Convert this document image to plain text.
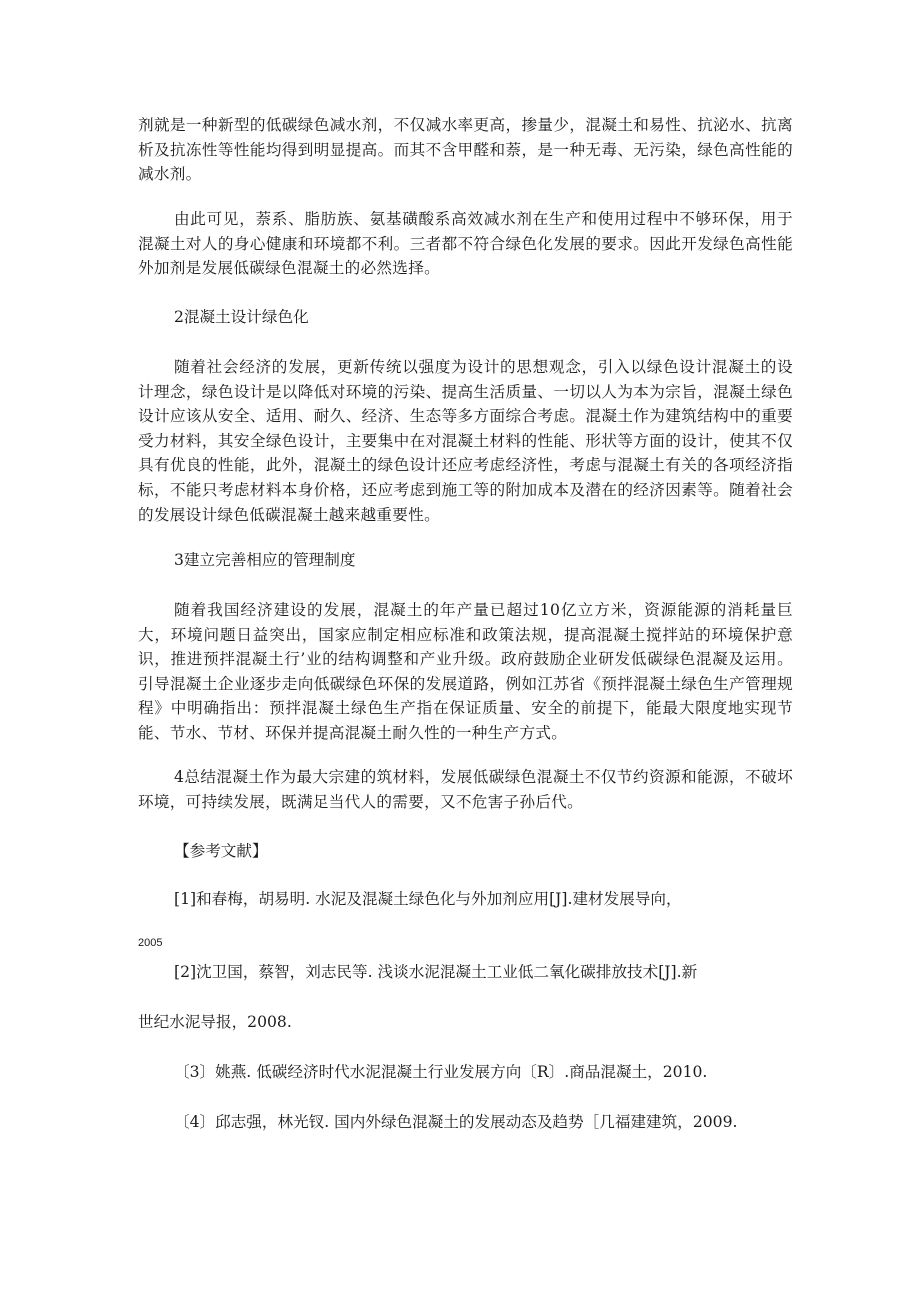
剂就是一种新型的低碳绿色减水剂，不仅减水率更高，掺量少，混凝土和易性、抗泌水、抗离析及抗冻性等性能均得到明显提高。而其不含甲醛和萘，是一种无毒、无污染，绿色高性能的减水剂。

由此可见，萘系、脂肪族、氨基磺酸系高效减水剂在生产和使用过程中不够环保，用于混凝土对人的身心健康和环境都不利。三者都不符合绿色化发展的要求。因此开发绿色高性能外加剂是发展低碳绿色混凝土的必然选择。

2混凝土设计绿色化

随着社会经济的发展，更新传统以强度为设计的思想观念，引入以绿色设计混凝土的设计理念，绿色设计是以降低对环境的污染、提高生活质量、一切以人为本为宗旨，混凝土绿色设计应该从安全、适用、耐久、经济、生态等多方面综合考虑。混凝土作为建筑结构中的重要受力材料，其安全绿色设计，主要集中在对混凝土材料的性能、形状等方面的设计，使其不仅具有优良的性能，此外，混凝土的绿色设计还应考虑经济性，考虑与混凝土有关的各项经济指标，不能只考虑材料本身价格，还应考虑到施工等的附加成本及潜在的经济因素等。随着社会的发展设计绿色低碳混凝土越来越重要性。

3建立完善相应的管理制度

随着我国经济建设的发展，混凝土的年产量已超过10亿立方米，资源能源的消耗量巨大，环境问题日益突出，国家应制定相应标准和政策法规，提高混凝土搅拌站的环境保护意识，推进预拌混凝土行’业的结构调整和产业升级。政府鼓励企业研发低碳绿色混凝及运用。引导混凝土企业逐步走向低碳绿色环保的发展道路，例如江苏省《预拌混凝土绿色生产管理规程》中明确指出：预拌混凝土绿色生产指在保证质量、安全的前提下，能最大限度地实现节能、节水、节材、环保并提高混凝土耐久性的一种生产方式。

4总结混凝土作为最大宗建的筑材料，发展低碳绿色混凝土不仅节约资源和能源，不破坏环境，可持续发展，既满足当代人的需要，又不危害子孙后代。

【参考文献】

[1]和春梅，胡易明. 水泥及混凝土绿色化与外加剂应用[J].建材发展导向，

2005

[2]沈卫国，蔡智，刘志民等. 浅谈水泥混凝土工业低二氧化碳排放技术[J].新

世纪水泥导报，2008.

〔3〕姚燕. 低碳经济时代水泥混凝土行业发展方向〔R〕.商品混凝土，2010.

〔4〕邱志强，林光钗. 国内外绿色混凝土的发展动态及趋势［几福建建筑，2009.
